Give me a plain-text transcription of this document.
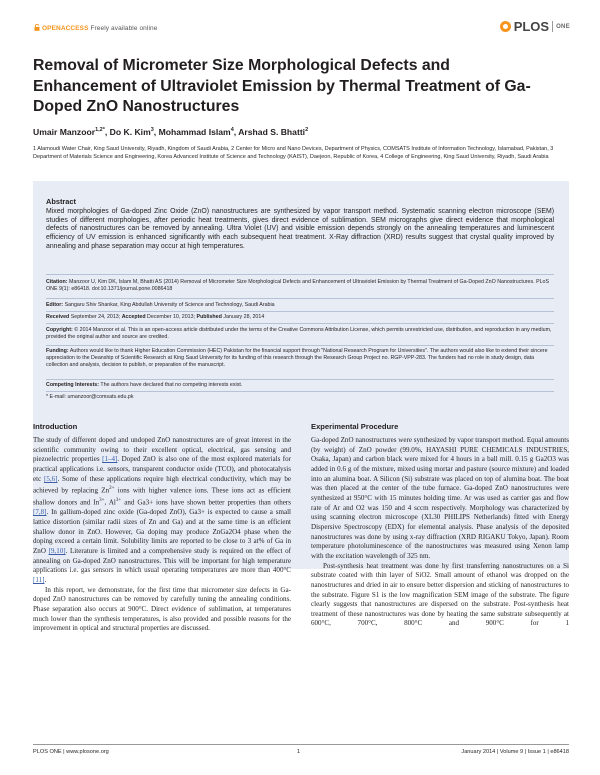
OPENACCESS Freely available online	PLOS ONE
Removal of Micrometer Size Morphological Defects and Enhancement of Ultraviolet Emission by Thermal Treatment of Ga-Doped ZnO Nanostructures
Umair Manzoor$^{1,2*}$, Do K. Kim$^3$, Mohammad Islam$^4$, Arshad S. Bhatti$^2$
1 Alamoudi Water Chair, King Saud University, Riyadh, Kingdom of Saudi Arabia, 2 Center for Micro and Nano Devices, Department of Physics, COMSATS Institute of Information Technology, Islamabad, Pakistan, 3 Department of Materials Science and Engineering, Korea Advanced Institute of Science and Technology (KAIST), Daejeon, Republic of Korea, 4 College of Engineering, King Saud University, Riyadh, Saudi Arabia
Abstract
Mixed morphologies of Ga-doped Zinc Oxide (ZnO) nanostructures are synthesized by vapor transport method. Systematic scanning electron microscope (SEM) studies of different morphologies, after periodic heat treatments, gives direct evidence of sublimation. SEM micrographs give direct evidence that morphological defects of nanostructures can be removed by annealing. Ultra Violet (UV) and visible emission depends strongly on the annealing temperatures and luminescent efficiency of UV emission is enhanced significantly with each subsequent heat treatment. X-Ray diffraction (XRD) results suggest that crystal quality improved by annealing and phase separation may occur at high temperatures.
Citation: Manzoor U, Kim DK, Islam M, Bhatti AS (2014) Removal of Micrometer Size Morphological Defects and Enhancement of Ultraviolet Emission by Thermal Treatment of Ga-Doped ZnO Nanostructures. PLoS ONE 9(1): e86418. doi:10.1371/journal.pone.0086418
Editor: Sangaru Shiv Shankar, King Abdullah University of Science and Technology, Saudi Arabia
Received September 24, 2013; Accepted December 10, 2013; Published January 28, 2014
Copyright: © 2014 Manzoor et al. This is an open-access article distributed under the terms of the Creative Commons Attribution License, which permits unrestricted use, distribution, and reproduction in any medium, provided the original author and source are credited.
Funding: Authors would like to thank Higher Education Commission (HEC) Pakistan for the financial support through "National Research Program for Universities". The authors would also like to extend their sincere appreciation to the Deanship of Scientific Research at King Saud University for its funding of this research through the Research Group Project no. RGP-VPP-283. The funders had no role in study design, data collection and analysis, decision to publish, or preparation of the manuscript.
Competing Interests: The authors have declared that no competing interests exist.
* E-mail: umanzoor@comsats.edu.pk
Introduction

The study of different doped and undoped ZnO nanostructures are of great interest in the scientific community owing to their excellent optical, electrical, gas sensing and piezoelectric properties [1–4]. Doped ZnO is also one of the most explored materials for practical applications i.e. sensors, transparent conductor oxide (TCO), and photocatalysis etc [5,6]. Some of these applications require high electrical conductivity, which may be achieved by replacing $Zn^{2+}$ ions with higher valence ions. These ions act as efficient shallow donors and $In^{3+}$, $Al^{3+}$ and Ga3+ ions have shown better properties than others [7,8]. In gallium-doped zinc oxide (Ga-doped ZnO), Ga3+ is expected to cause a small lattice distortion (similar radii sizes of Zn and Ga) and at the same time is an efficient shallow donor in ZnO. However, Ga doping may produce ZnGa2O4 phase when the doping exceed a certain limit. Solubility limits are reported to be close to 3 at% of Ga in ZnO [9,10]. Literature is limited and a comprehensive study is required on the effect of annealing on Ga-doped ZnO nanostructures. This will be important for high temperature applications i.e. gas sensors in which usual operating temperatures are more than 400°C [11].

In this report, we demonstrate, for the first time that micrometer size defects in Ga-doped ZnO nanostructures can be removed by carefully tuning the annealing conditions. Phase separation also occurs at 900°C. Direct evidence of sublimation, at temperatures much lower than the synthesis temperatures, is also provided and possible reasons for the improvement in optical and structural properties are discussed.

Experimental Procedure

Ga-doped ZnO nanostructures were synthesized by vapor transport method. Equal amounts (by weight) of ZnO powder (99.0%, HAYASHI PURE CHEMICALS INDUSTRIES, Osaka, Japan) and carbon black were mixed for 4 hours in a ball mill. 0.15 g Ga2O3 was added in 0.6 g of the mixture, mixed using mortar and pasture (source mixture) and loaded into an alumina boat. A Silicon (Si) substrate was placed on top of alumina boat. The boat was then placed at the center of the tube furnace. Ga-doped ZnO nanostructures were synthesized at 950°C with 15 minutes holding time. Ar was used as carrier gas and flow rate of Ar and O2 was 150 and 4 sccm respectively. Morphology was characterized by using scanning electron microscope (XL30 PHILIPS Netherlands) fitted with Energy Dispersive Spectroscopy (EDX) for elemental analysis. Phase analysis of the deposited nanostructures was done by using x-ray diffraction (XRD RIGAKU Tokyo, Japan). Room temperature photoluminescence of the nanostructures was measured using Xenon lamp with the excitation wavelength of 325 nm.

Post-synthesis heat treatment was done by first transferring nanostructures on a Si substrate coated with thin layer of SiO2. Small amount of ethanol was dropped on the nanostructures and dried in air to ensure better dispersion and sticking of nanostructures to the substrate. Figure S1 is the low magnification SEM image of the substrate. The figure clearly suggests that nanostructures are dispersed on the substrate. Post-synthesis heat treatment of these nanostructures was done by heating the same substrate subsequently at 600°C, 700°C, 800°C and 900°C for 1

PLOS ONE | www.plosone.org	1	January 2014 | Volume 9 | Issue 1 | e86418
